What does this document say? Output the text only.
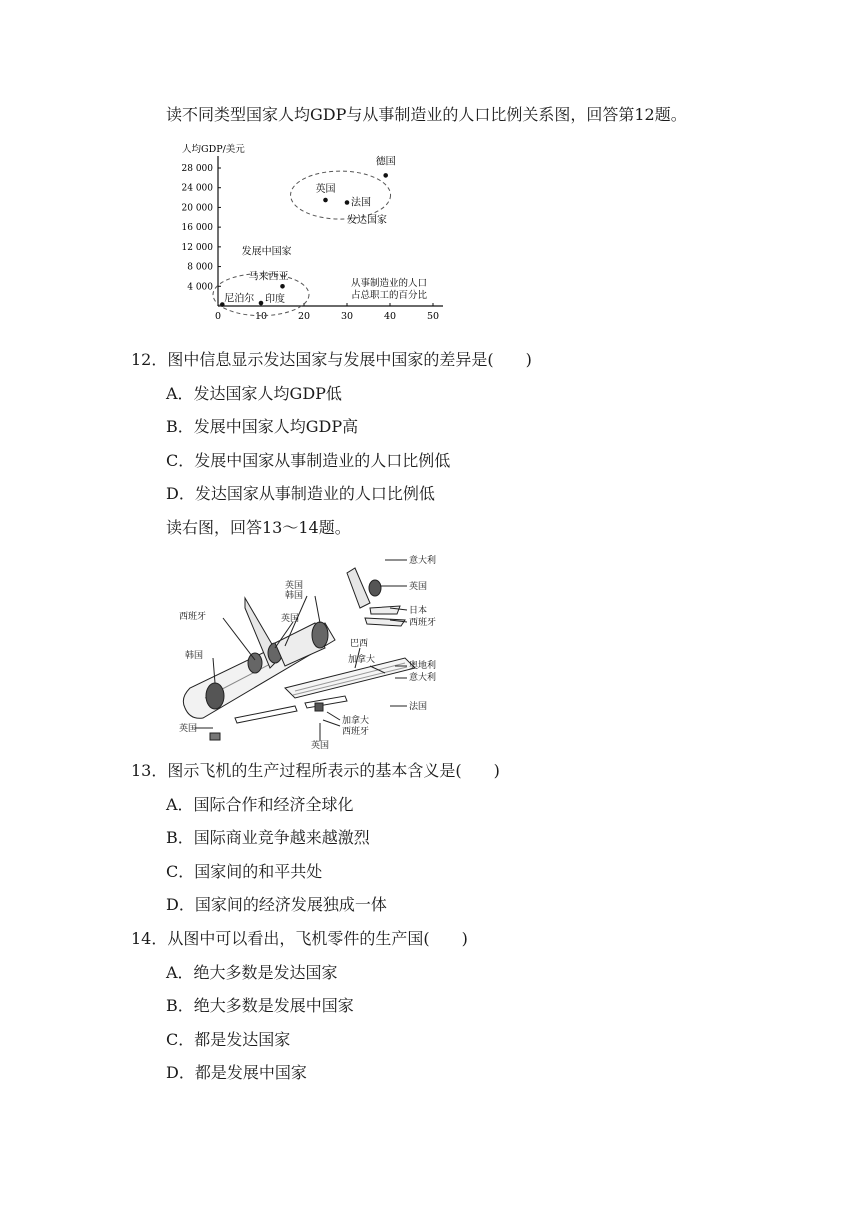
读不同类型国家人均GDP与从事制造业的人口比例关系图，回答第12题。
人均GDP/美元
从事制造业的人口
占总职工的百分比
0	10	20	30	40	50
4 000
8 000
12 000
16 000
20 000
24 000
28 000
发达国家
发展中国家
德国
英国
法国
马来西亚
尼泊尔 印度
12．图中信息显示发达国家与发展中国家的差异是(　　)
A．发达国家人均GDP低
B．发展中国家人均GDP高
C．发展中国家从事制造业的人口比例低
D．发达国家从事制造业的人口比例低
读右图，回答13～14题。
意大利
英国
日本
西班牙
英国韩国
英国
西班牙
韩国
巴西
加拿大
奥地利
意大利
法国
加拿大
西班牙
英国
英国
13．图示飞机的生产过程所表示的基本含义是(　　)
A．国际合作和经济全球化
B．国际商业竞争越来越激烈
C．国家间的和平共处
D．国家间的经济发展独成一体
14．从图中可以看出，飞机零件的生产国(　　)
A．绝大多数是发达国家
B．绝大多数是发展中国家
C．都是发达国家
D．都是发展中国家
